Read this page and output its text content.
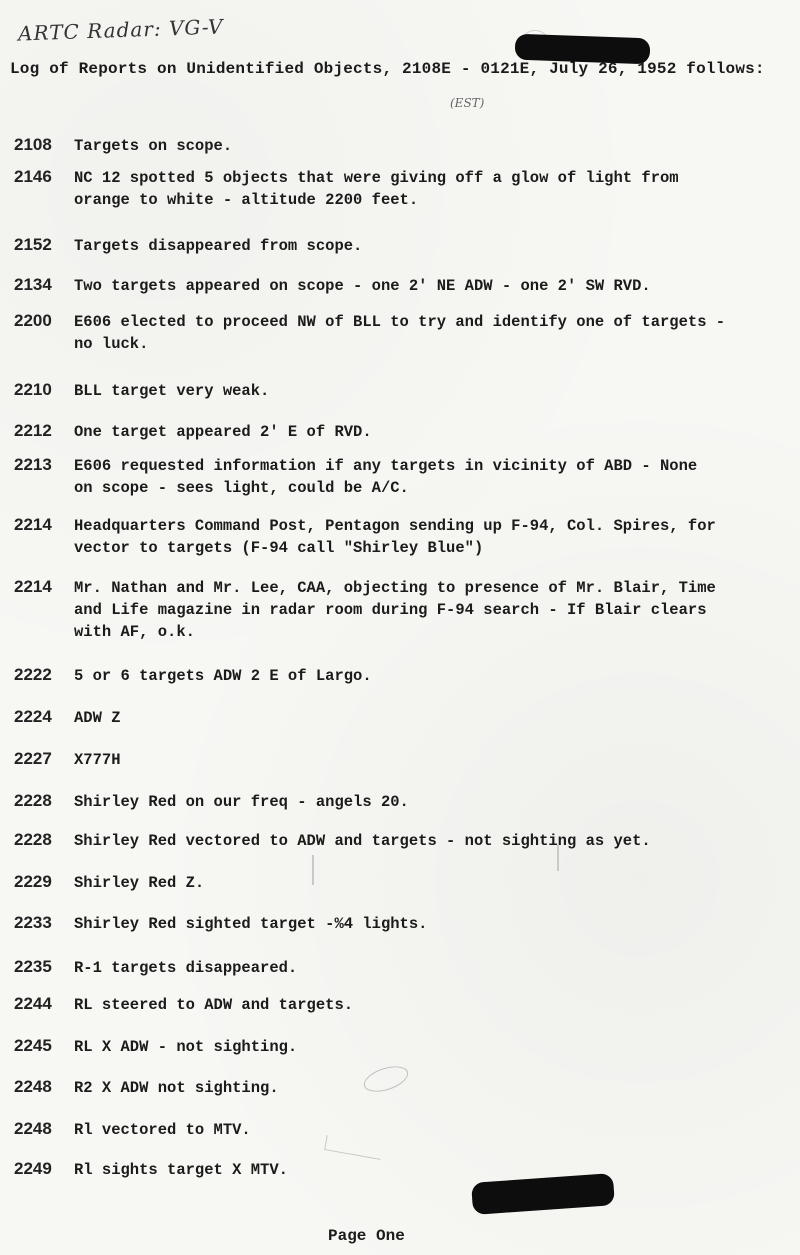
ARTC Radar: VG-V
Log of Reports on Unidentified Objects, 2108E - 0121E, July 26, 1952 follows:
(EST)
2108	Targets on scope.
2146	NC 12 spotted 5 objects that were giving off a glow of light from
orange to white - altitude 2200 feet.
2152	Targets disappeared from scope.
2134	Two targets appeared on scope - one 2' NE ADW - one 2' SW RVD.
2200	E606 elected to proceed NW of BLL to try and identify one of targets -
no luck.
2210	BLL target very weak.
2212	One target appeared 2' E of RVD.
2213	E606 requested information if any targets in vicinity of ABD - None
on scope - sees light, could be A/C.
2214	Headquarters Command Post, Pentagon sending up F-94, Col. Spires, for
vector to targets (F-94 call "Shirley Blue")
2214	Mr. Nathan and Mr. Lee, CAA, objecting to presence of Mr. Blair, Time
and Life magazine in radar room during F-94 search - If Blair clears
with AF, o.k.
2222	5 or 6 targets ADW 2 E of Largo.
2224	ADW Z
2227	X777H
2228	Shirley Red on our freq - angels 20.
2228	Shirley Red vectored to ADW and targets - not sighting as yet.
2229	Shirley Red Z.
2233	Shirley Red sighted target -%4 lights.
2235	R-1 targets disappeared.
2244	RL steered to ADW and targets.
2245	RL X ADW - not sighting.
2248	R2 X ADW not sighting.
2248	Rl vectored to MTV.
2249	Rl sights target X MTV.
Page One
